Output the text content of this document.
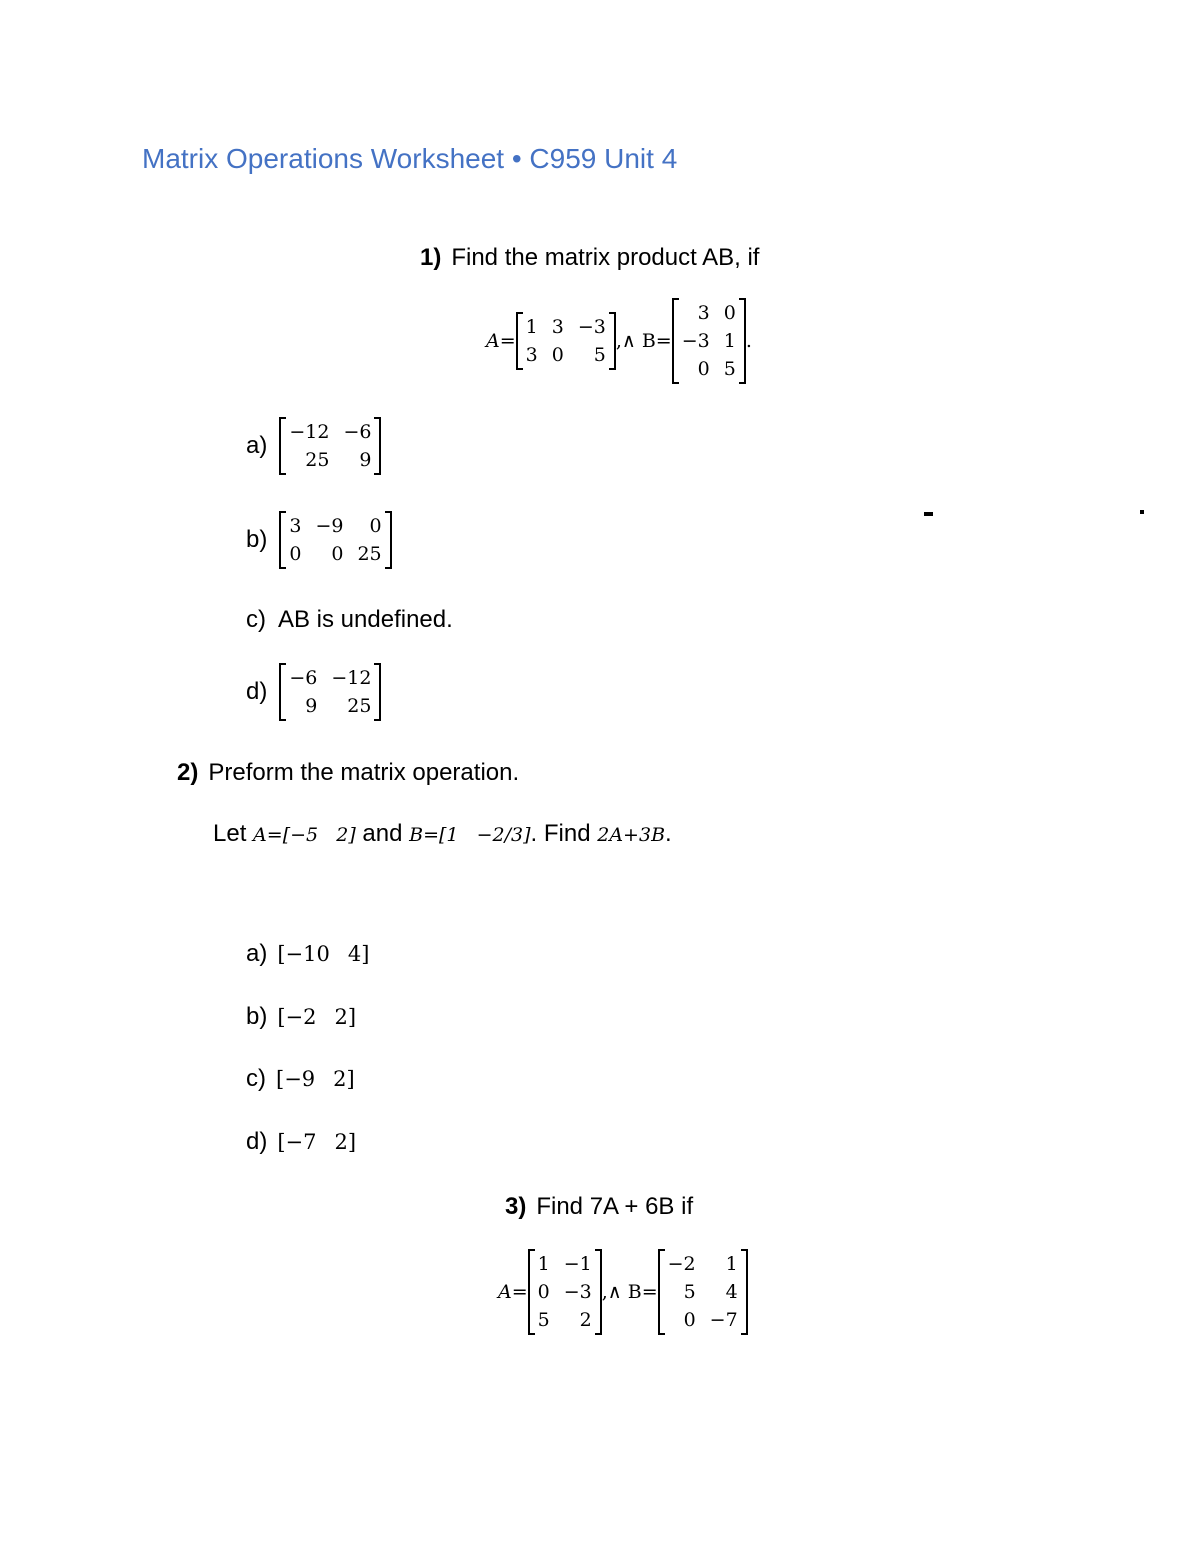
Matrix Operations Worksheet • C959 Unit 4
1) Find the matrix product AB, if
A=
1 3 −3
3 0	5
,∧ B=
3 0
−3 1
0 5
.
a) −12 −6
25	9
b) 3 −9	0
0	0 25
c) AB is undefined.
d) −6 −12
9	25
2) Preform the matrix operation.
Let A=[−5   2] and B=[1   −2/3]. Find 2A+3B.
a) [−10 4]
b) [−2 2]
c) [−9 2]
d) [−7 2]
3) Find 7A + 6B if
A=
1 −1
0 −3
5	2
,∧ B=
−2	1
5	4
0 −7
